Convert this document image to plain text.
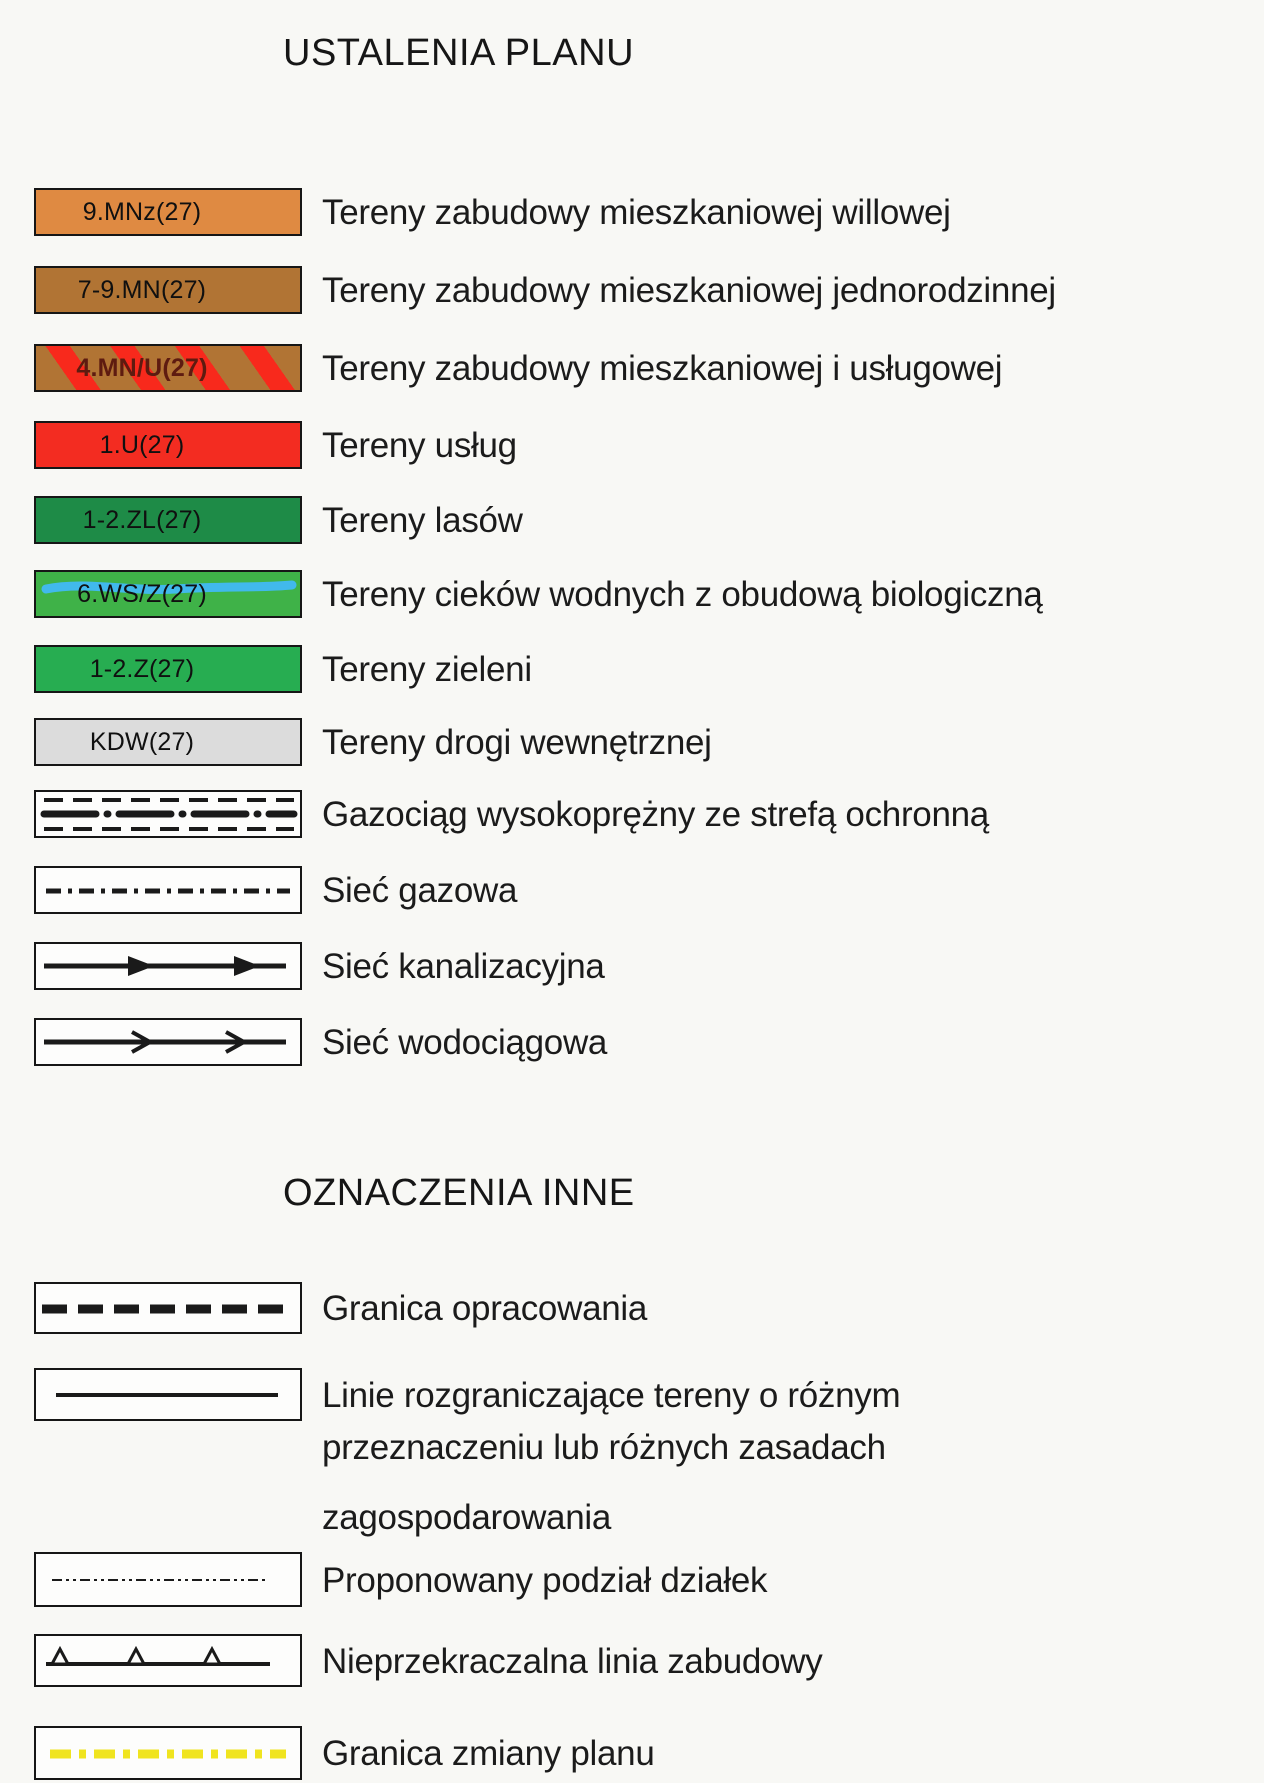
USTALENIA PLANU
9.MNz(27)	Tereny zabudowy mieszkaniowej willowej
7-9.MN(27)	Tereny zabudowy mieszkaniowej jednorodzinnej
4.MN/U(27)	Tereny zabudowy mieszkaniowej i usługowej
1.U(27)	Tereny usług
1-2.ZL(27)	Tereny lasów
6.WS/Z(27)	Tereny cieków wodnych z obudową biologiczną
1-2.Z(27)	Tereny zieleni
KDW(27)	Tereny drogi wewnętrznej
Gazociąg wysokoprężny ze strefą ochronną
Sieć gazowa
Sieć kanalizacyjna
Sieć wodociągowa
OZNACZENIA INNE
Granica opracowania
Linie rozgraniczające tereny o różnym
przeznaczeniu lub różnych zasadach
zagospodarowania
Proponowany podział działek
Nieprzekraczalna linia zabudowy
Granica zmiany planu
